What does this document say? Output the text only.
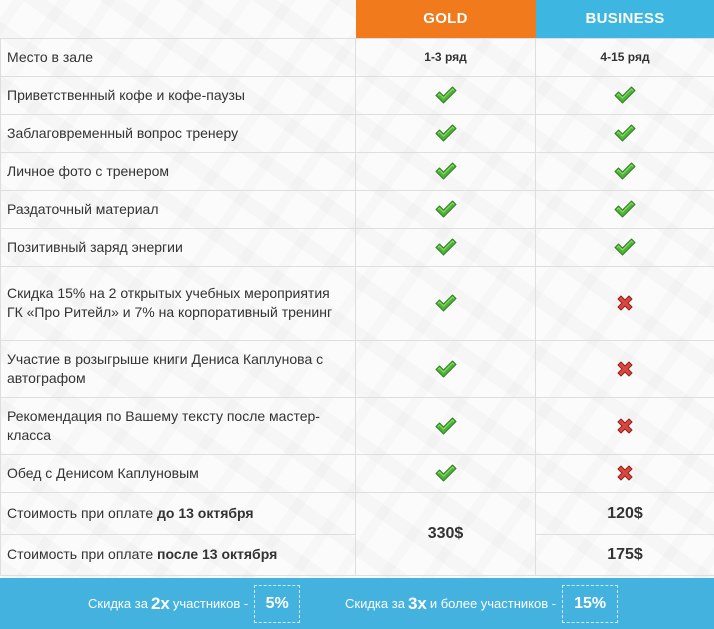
	GOLD	BUSINESS
Место в зале	1-3 ряд	4-15 ряд
Приветственный кофе и кофе-паузы		
Заблаговременный вопрос тренеру		
Личное фото с тренером		
Раздаточный материал		
Позитивный заряд энергии		
Скидка 15% на 2 открытых учебных мероприятия ГК «Про Ритейл» и 7% на корпоративный тренинг		
Участие в розыгрыше книги Дениса Каплунова с автографом		
Рекомендация по Вашему тексту после мастер-класса		
Обед с Денисом Каплуновым		
Стоимость при оплате до 13 октября	330$	120$
Стоимость при оплате после 13 октября		175$
Скидка за 2x участников -	5%	Скидка за 3x и более участников -	15%
